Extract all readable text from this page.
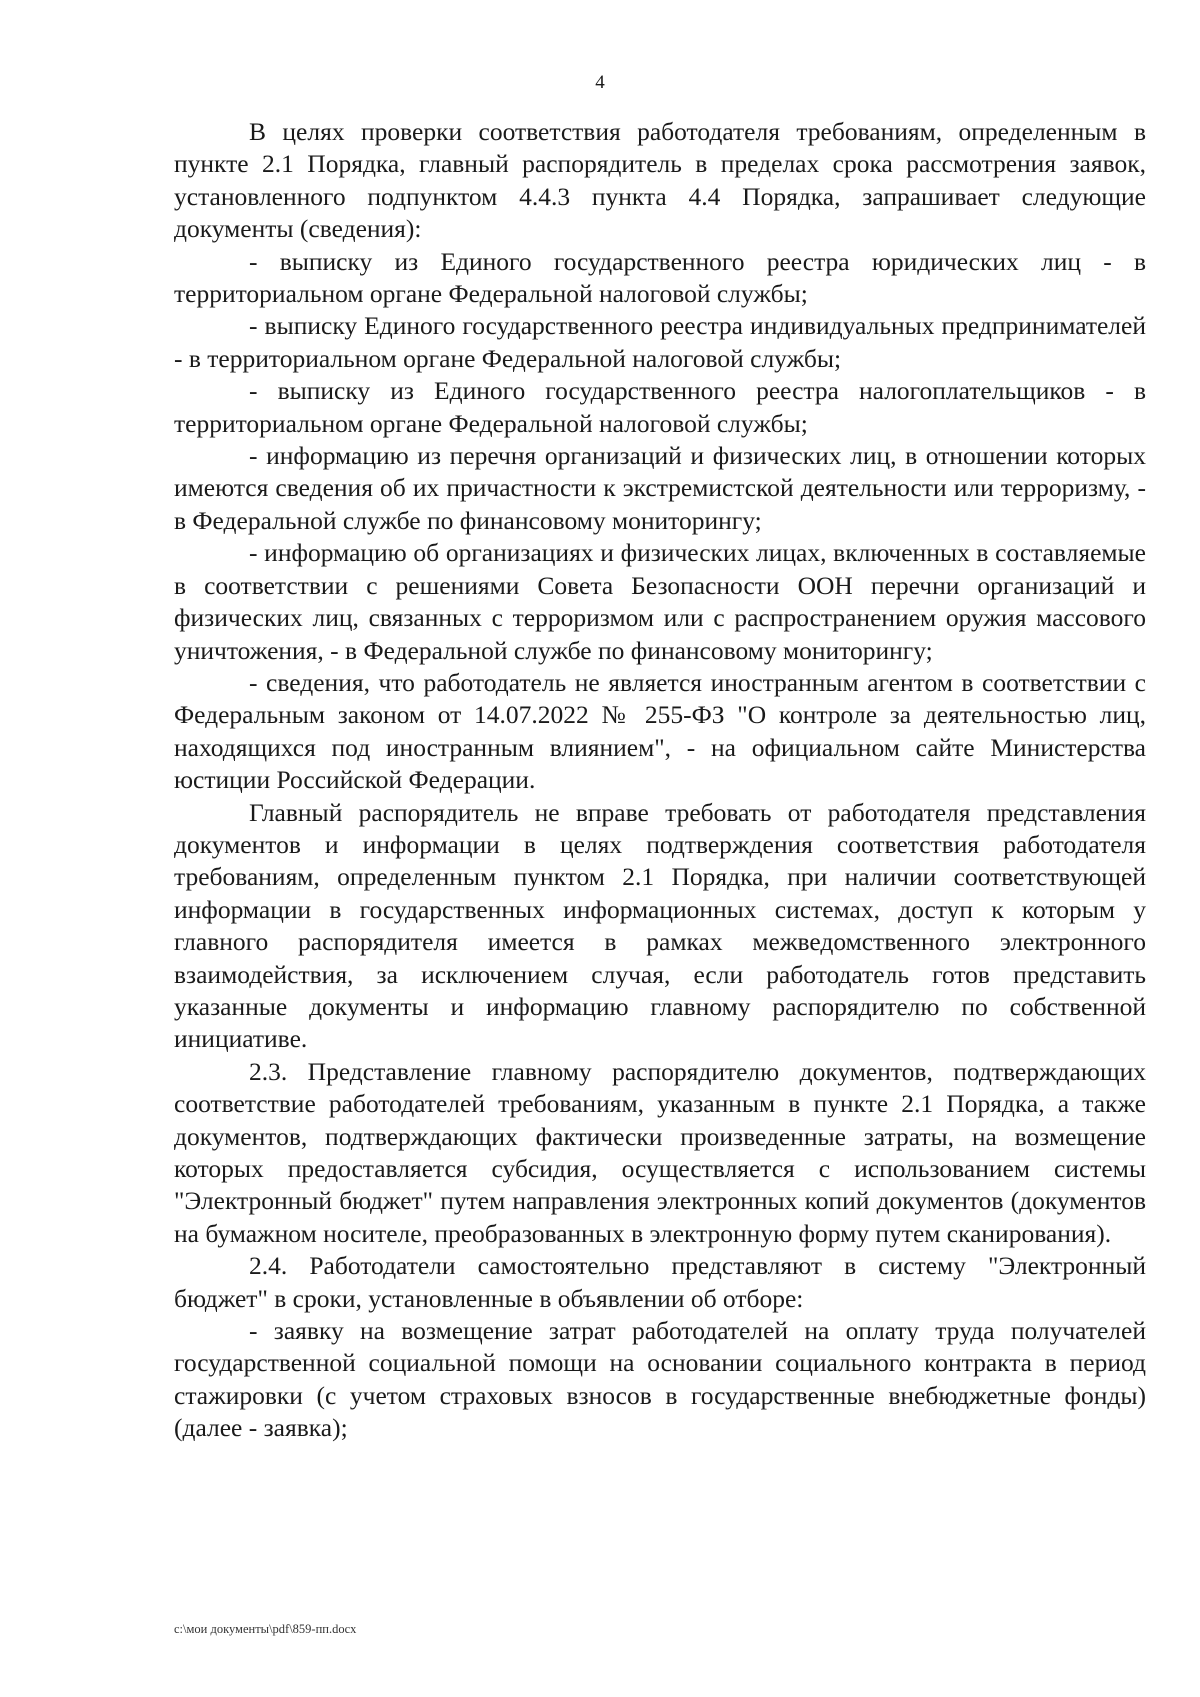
4

В целях проверки соответствия работодателя требованиям, определенным в пункте 2.1 Порядка, главный распорядитель в пределах срока рассмотрения заявок, установленного подпунктом 4.4.3 пункта 4.4 Порядка, запрашивает следующие документы (сведения):

- выписку из Единого государственного реестра юридических лиц - в территориальном органе Федеральной налоговой службы;

- выписку Единого государственного реестра индивидуальных предпринимателей - в территориальном органе Федеральной налоговой службы;

- выписку из Единого государственного реестра налогоплательщиков - в территориальном органе Федеральной налоговой службы;

- информацию из перечня организаций и физических лиц, в отношении которых имеются сведения об их причастности к экстремистской деятельности или терроризму, - в Федеральной службе по финансовому мониторингу;

- информацию об организациях и физических лицах, включенных в составляемые в соответствии с решениями Совета Безопасности ООН перечни организаций и физических лиц, связанных с терроризмом или с распространением оружия массового уничтожения, - в Федеральной службе по финансовому мониторингу;

- сведения, что работодатель не является иностранным агентом в соответствии с Федеральным законом от 14.07.2022 № 255-ФЗ "О контроле за деятельностью лиц, находящихся под иностранным влиянием", - на официальном сайте Министерства юстиции Российской Федерации.

Главный распорядитель не вправе требовать от работодателя представления документов и информации в целях подтверждения соответствия работодателя требованиям, определенным пунктом 2.1 Порядка, при наличии соответствующей информации в государственных информационных системах, доступ к которым у главного распорядителя имеется в рамках межведомственного электронного взаимодействия, за исключением случая, если работодатель готов представить указанные документы и информацию главному распорядителю по собственной инициативе.

2.3. Представление главному распорядителю документов, подтверждающих соответствие работодателей требованиям, указанным в пункте 2.1 Порядка, а также документов, подтверждающих фактически произведенные затраты, на возмещение которых предоставляется субсидия, осуществляется с использованием системы "Электронный бюджет" путем направления электронных копий документов (документов на бумажном носителе, преобразованных в электронную форму путем сканирования).

2.4. Работодатели самостоятельно представляют в систему "Электронный бюджет" в сроки, установленные в объявлении об отборе:

- заявку на возмещение затрат работодателей на оплату труда получателей государственной социальной помощи на основании социального контракта в период стажировки (с учетом страховых взносов в государственные внебюджетные фонды) (далее - заявка);

c:\мои документы\pdf\859-пп.docx
